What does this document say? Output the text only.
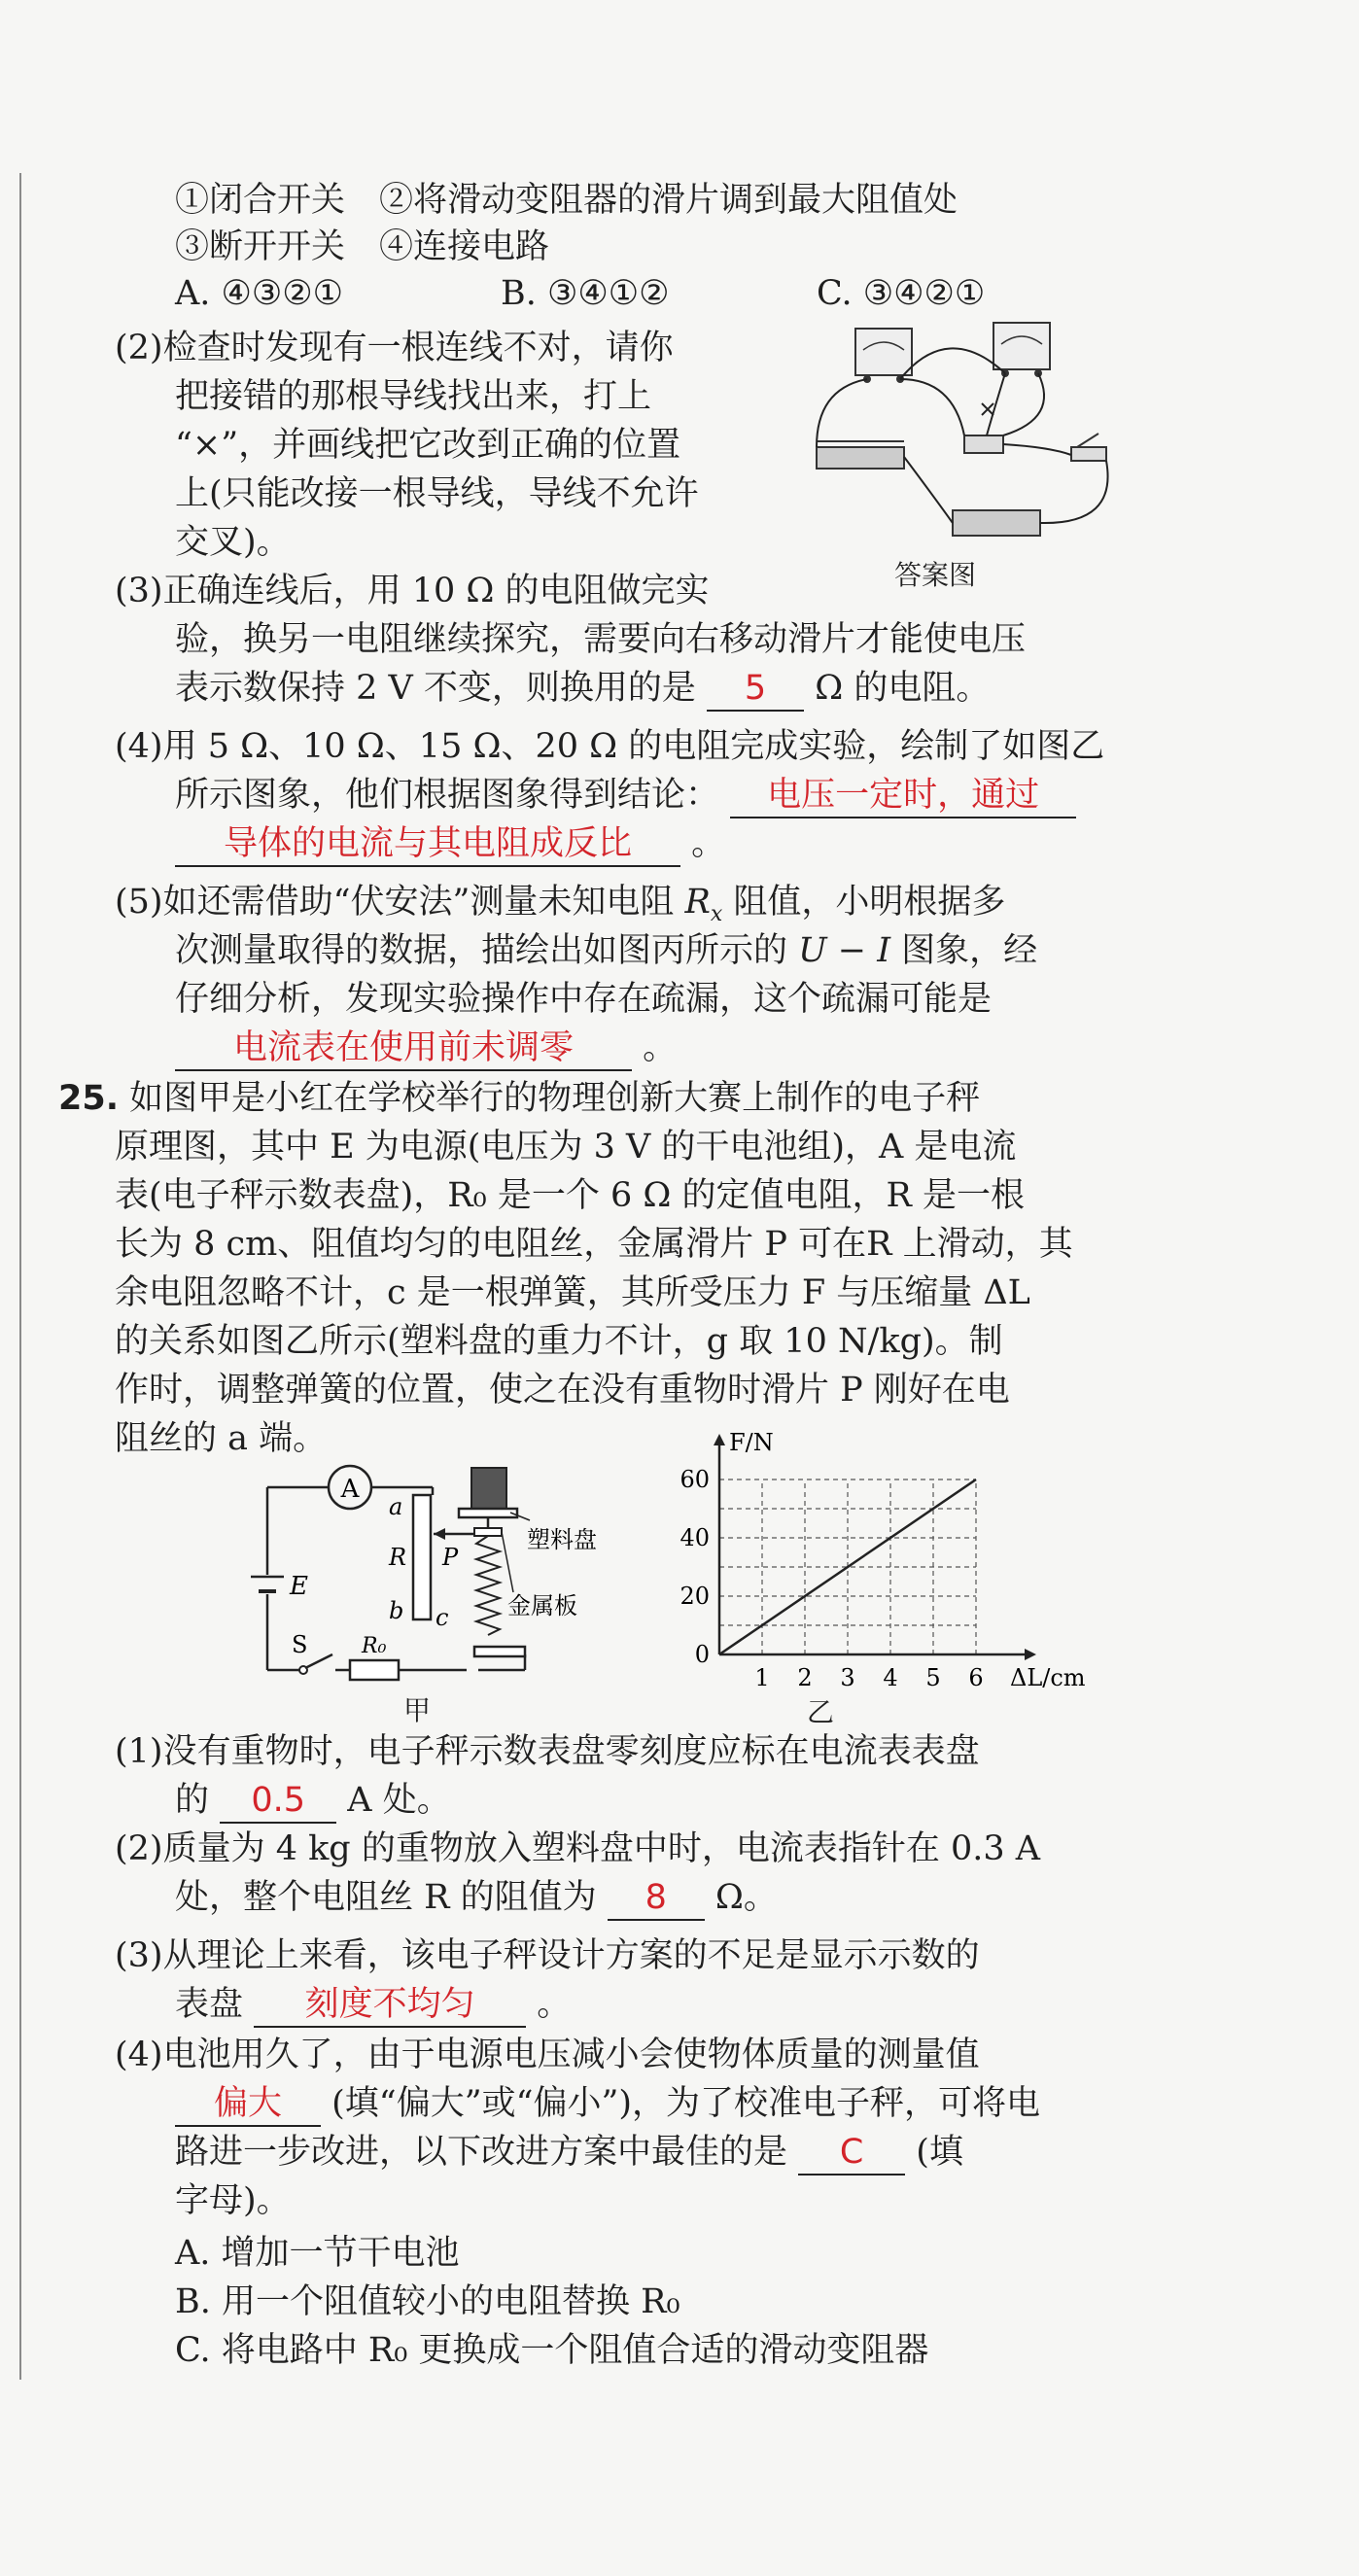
①闭合开关　②将滑动变阻器的滑片调到最大阻值处
③断开开关　④连接电路
A. ④③②①	B. ③④①②	C. ③④②①
(2)检查时发现有一根连线不对，请你
把接错的那根导线找出来，打上
“×”，并画线把它改到正确的位置
上(只能改接一根导线，导线不允许
交叉)。
答案图
(3)正确连线后，用 10 Ω 的电阻做完实
验，换另一电阻继续探究，需要向右移动滑片才能使电压
表示数保持 2 V 不变，则换用的是 5 Ω 的电阻。
(4)用 5 Ω、10 Ω、15 Ω、20 Ω 的电阻完成实验，绘制了如图乙
所示图象，他们根据图象得到结论： 电压一定时，通过
导体的电流与其电阻成反比 。
(5)如还需借助“伏安法”测量未知电阻 $R_x$ 阻值，小明根据多
次测量取得的数据，描绘出如图丙所示的 U − I 图象，经
仔细分析，发现实验操作中存在疏漏，这个疏漏可能是
电流表在使用前未调零 。
25. 如图甲是小红在学校举行的物理创新大赛上制作的电子秤
原理图，其中 E 为电源(电压为 3 V 的干电池组)，A 是电流
表(电子秤示数表盘)，R₀ 是一个 6 Ω 的定值电阻，R 是一根
长为 8 cm、阻值均匀的电阻丝，金属滑片 P 可在R 上滑动，其
余电阻忽略不计，c 是一根弹簧，其所受压力 F 与压缩量 ΔL
的关系如图乙所示(塑料盘的重力不计，g 取 10 N/kg)。制
作时，调整弹簧的位置，使之在没有重物时滑片 P 刚好在电
阻丝的 a 端。
A
E
S	R₀
a
R
b c
P
塑料盘
金属板
甲
1 2 3 4 5 6
0
20
40
60
ΔL/cm
F/N
乙
(1)没有重物时，电子秤示数表盘零刻度应标在电流表表盘
的 0.5 A 处。
(2)质量为 4 kg 的重物放入塑料盘中时，电流表指针在 0.3 A
处，整个电阻丝 R 的阻值为 8 Ω。
(3)从理论上来看，该电子秤设计方案的不足是显示示数的
表盘 刻度不均匀 。
(4)电池用久了，由于电源电压减小会使物体质量的测量值
偏大 (填“偏大”或“偏小”)，为了校准电子秤，可将电
路进一步改进，以下改进方案中最佳的是 C (填
字母)。
A. 增加一节干电池
B. 用一个阻值较小的电阻替换 R₀
C. 将电路中 R₀ 更换成一个阻值合适的滑动变阻器
